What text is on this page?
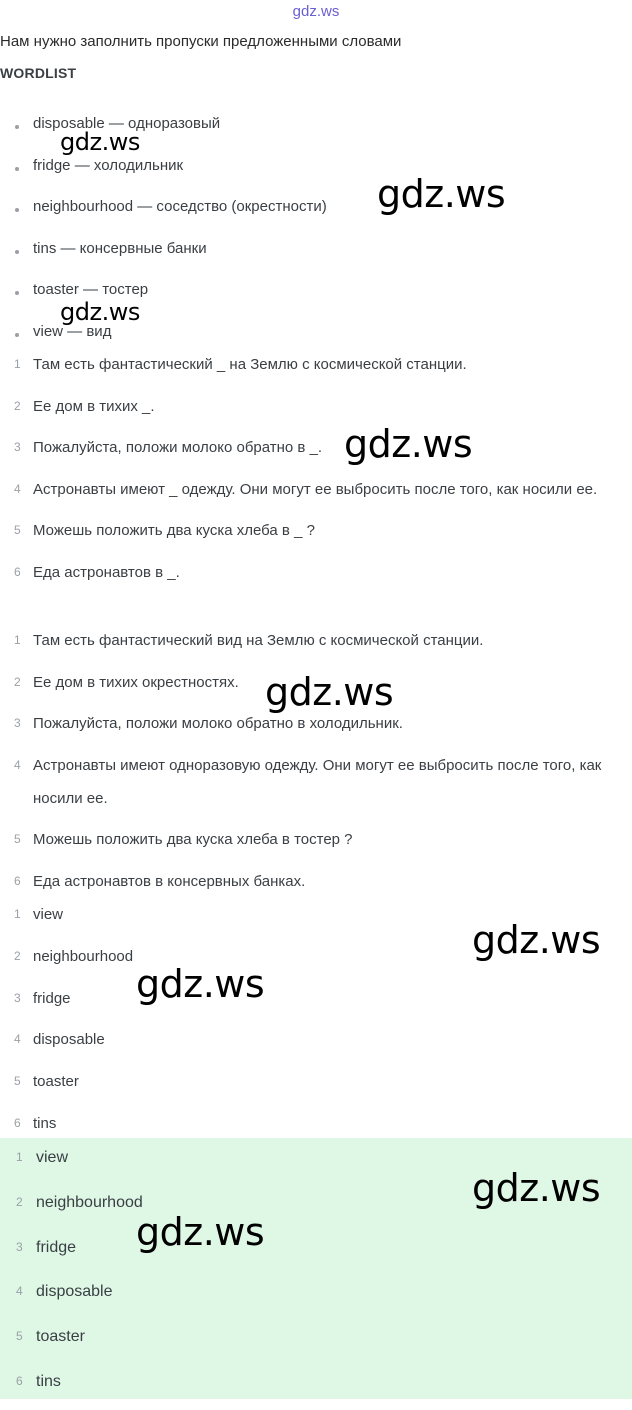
gdz.ws
Нам нужно заполнить пропуски предложенными словами
WORDLIST
disposable — одноразовый
fridge — холодильник
neighbourhood — соседство (окрестности)
tins — консервные банки
toaster — тостер
view — вид
1 Там есть фантастический _ на Землю с космической станции.
2 Ее дом в тихих _.
3 Пожалуйста, положи молоко обратно в _.
4 Астронавты имеют _ одежду. Они могут ее выбросить после того, как носили ее.
5 Можешь положить два куска хлеба в _ ?
6 Еда астронавтов в _.
1 Там есть фантастический вид на Землю с космической станции.
2 Ее дом в тихих окрестностях.
3 Пожалуйста, положи молоко обратно в холодильник.
4 Астронавты имеют одноразовую одежду. Они могут ее выбросить после того, как носили ее.
5 Можешь положить два куска хлеба в тостер ?
6 Еда астронавтов в консервных банках.
1 view
2 neighbourhood
3 fridge
4 disposable
5 toaster
6 tins
1 view
2 neighbourhood
3 fridge
4 disposable
5 toaster
6 tins
gdz.ws
gdz.ws
gdz.ws
gdz.ws
gdz.ws
gdz.ws
gdz.ws
gdz.ws
gdz.ws
